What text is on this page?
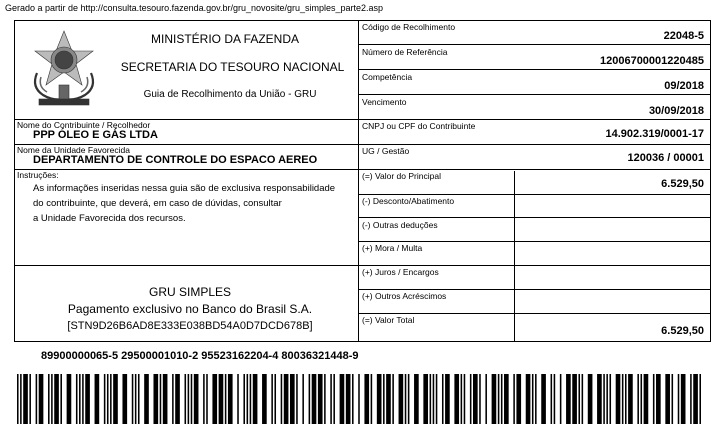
Gerado a partir de http://consulta.tesouro.fazenda.gov.br/gru_novosite/gru_simples_parte2.asp
MINISTÉRIO DA FAZENDA
SECRETARIA DO TESOURO NACIONAL
Guia de Recolhimento da União - GRU
Código de Recolhimento
22048-5
Número de Referência
12006700001220485
Competência
09/2018
Vencimento
30/09/2018
Nome do Contribuinte / Recolhedor
PPP ÓLEO E GÁS LTDA
CNPJ ou CPF do Contribuinte
14.902.319/0001-17
Nome da Unidade Favorecida
DEPARTAMENTO DE CONTROLE DO ESPACO AEREO
UG / Gestão
120036 / 00001
Instruções:
As informações inseridas nessa guia são de exclusiva responsabilidade
do contribuinte, que deverá, em caso de dúvidas, consultar
a Unidade Favorecida dos recursos.
(=) Valor do Principal
6.529,50
(-) Desconto/Abatimento
(-) Outras deduções
(+) Mora / Multa
(+) Juros / Encargos
(+) Outros Acréscimos
(=) Valor Total
6.529,50
GRU SIMPLES
Pagamento exclusivo no Banco do Brasil S.A.
[STN9D26B6AD8E333E038BD54A0D7DCD678B]
89900000065-5 29500001010-2 95523162204-4 80036321448-9
